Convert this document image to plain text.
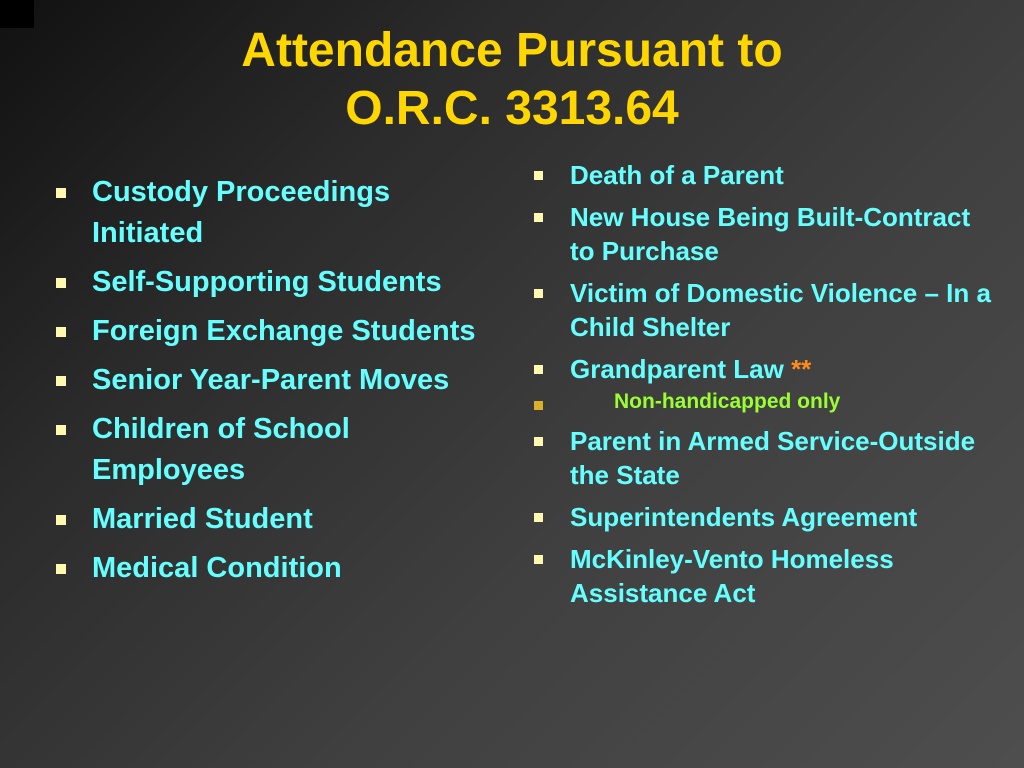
Attendance Pursuant to
O.R.C. 3313.64
Custody Proceedings Initiated
Self-Supporting Students
Foreign Exchange Students
Senior Year-Parent Moves
Children of School Employees
Married Student
Medical Condition
Death of a Parent
New House Being Built-Contract to Purchase
Victim of Domestic Violence – In a Child Shelter
Grandparent Law **
Non-handicapped only
Parent in Armed Service-Outside the State
Superintendents Agreement
McKinley-Vento Homeless Assistance Act
